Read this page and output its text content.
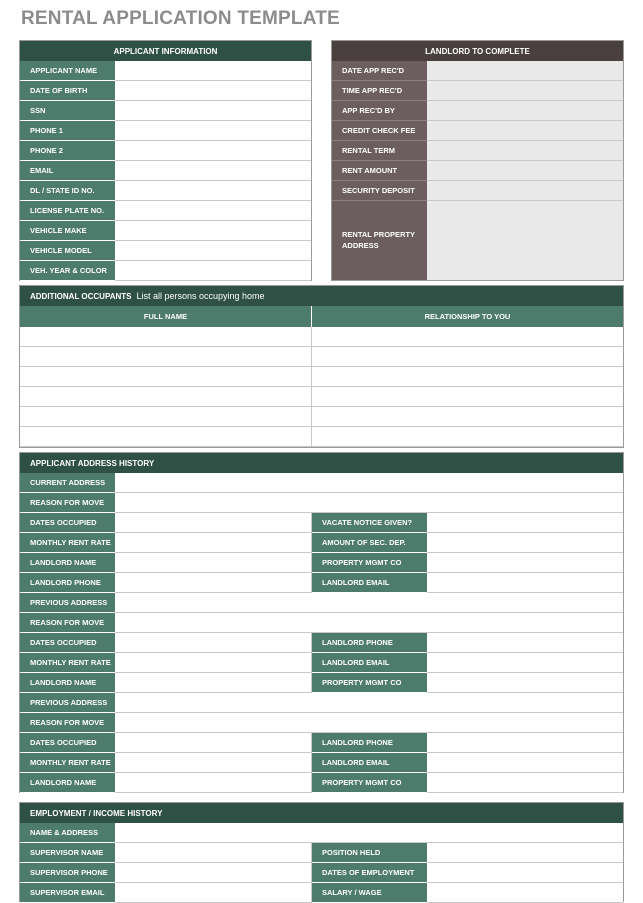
RENTAL APPLICATION TEMPLATE
APPLICANT INFORMATION
APPLICANT NAME
DATE OF BIRTH
SSN
PHONE 1
PHONE 2
EMAIL
DL / STATE ID NO.
LICENSE PLATE NO.
VEHICLE MAKE
VEHICLE MODEL
VEH. YEAR & COLOR
LANDLORD TO COMPLETE
DATE APP REC'D
TIME APP REC'D
APP REC'D BY
CREDIT CHECK FEE
RENTAL TERM
RENT AMOUNT
SECURITY DEPOSIT
RENTAL PROPERTY
ADDRESS
ADDITIONAL OCCUPANTS List all persons occupying home
FULL NAME	RELATIONSHIP TO YOU
APPLICANT ADDRESS HISTORY
CURRENT ADDRESS
REASON FOR MOVE
DATES OCCUPIED	VACATE NOTICE GIVEN?
MONTHLY RENT RATE	AMOUNT OF SEC. DEP.
LANDLORD NAME	PROPERTY MGMT CO
LANDLORD PHONE	LANDLORD EMAIL
PREVIOUS ADDRESS
REASON FOR MOVE
DATES OCCUPIED	LANDLORD PHONE
MONTHLY RENT RATE	LANDLORD EMAIL
LANDLORD NAME	PROPERTY MGMT CO
PREVIOUS ADDRESS
REASON FOR MOVE
DATES OCCUPIED	LANDLORD PHONE
MONTHLY RENT RATE	LANDLORD EMAIL
LANDLORD NAME	PROPERTY MGMT CO
EMPLOYMENT / INCOME HISTORY
NAME & ADDRESS
SUPERVISOR NAME	POSITION HELD
SUPERVISOR PHONE	DATES OF EMPLOYMENT
SUPERVISOR EMAIL	SALARY / WAGE
